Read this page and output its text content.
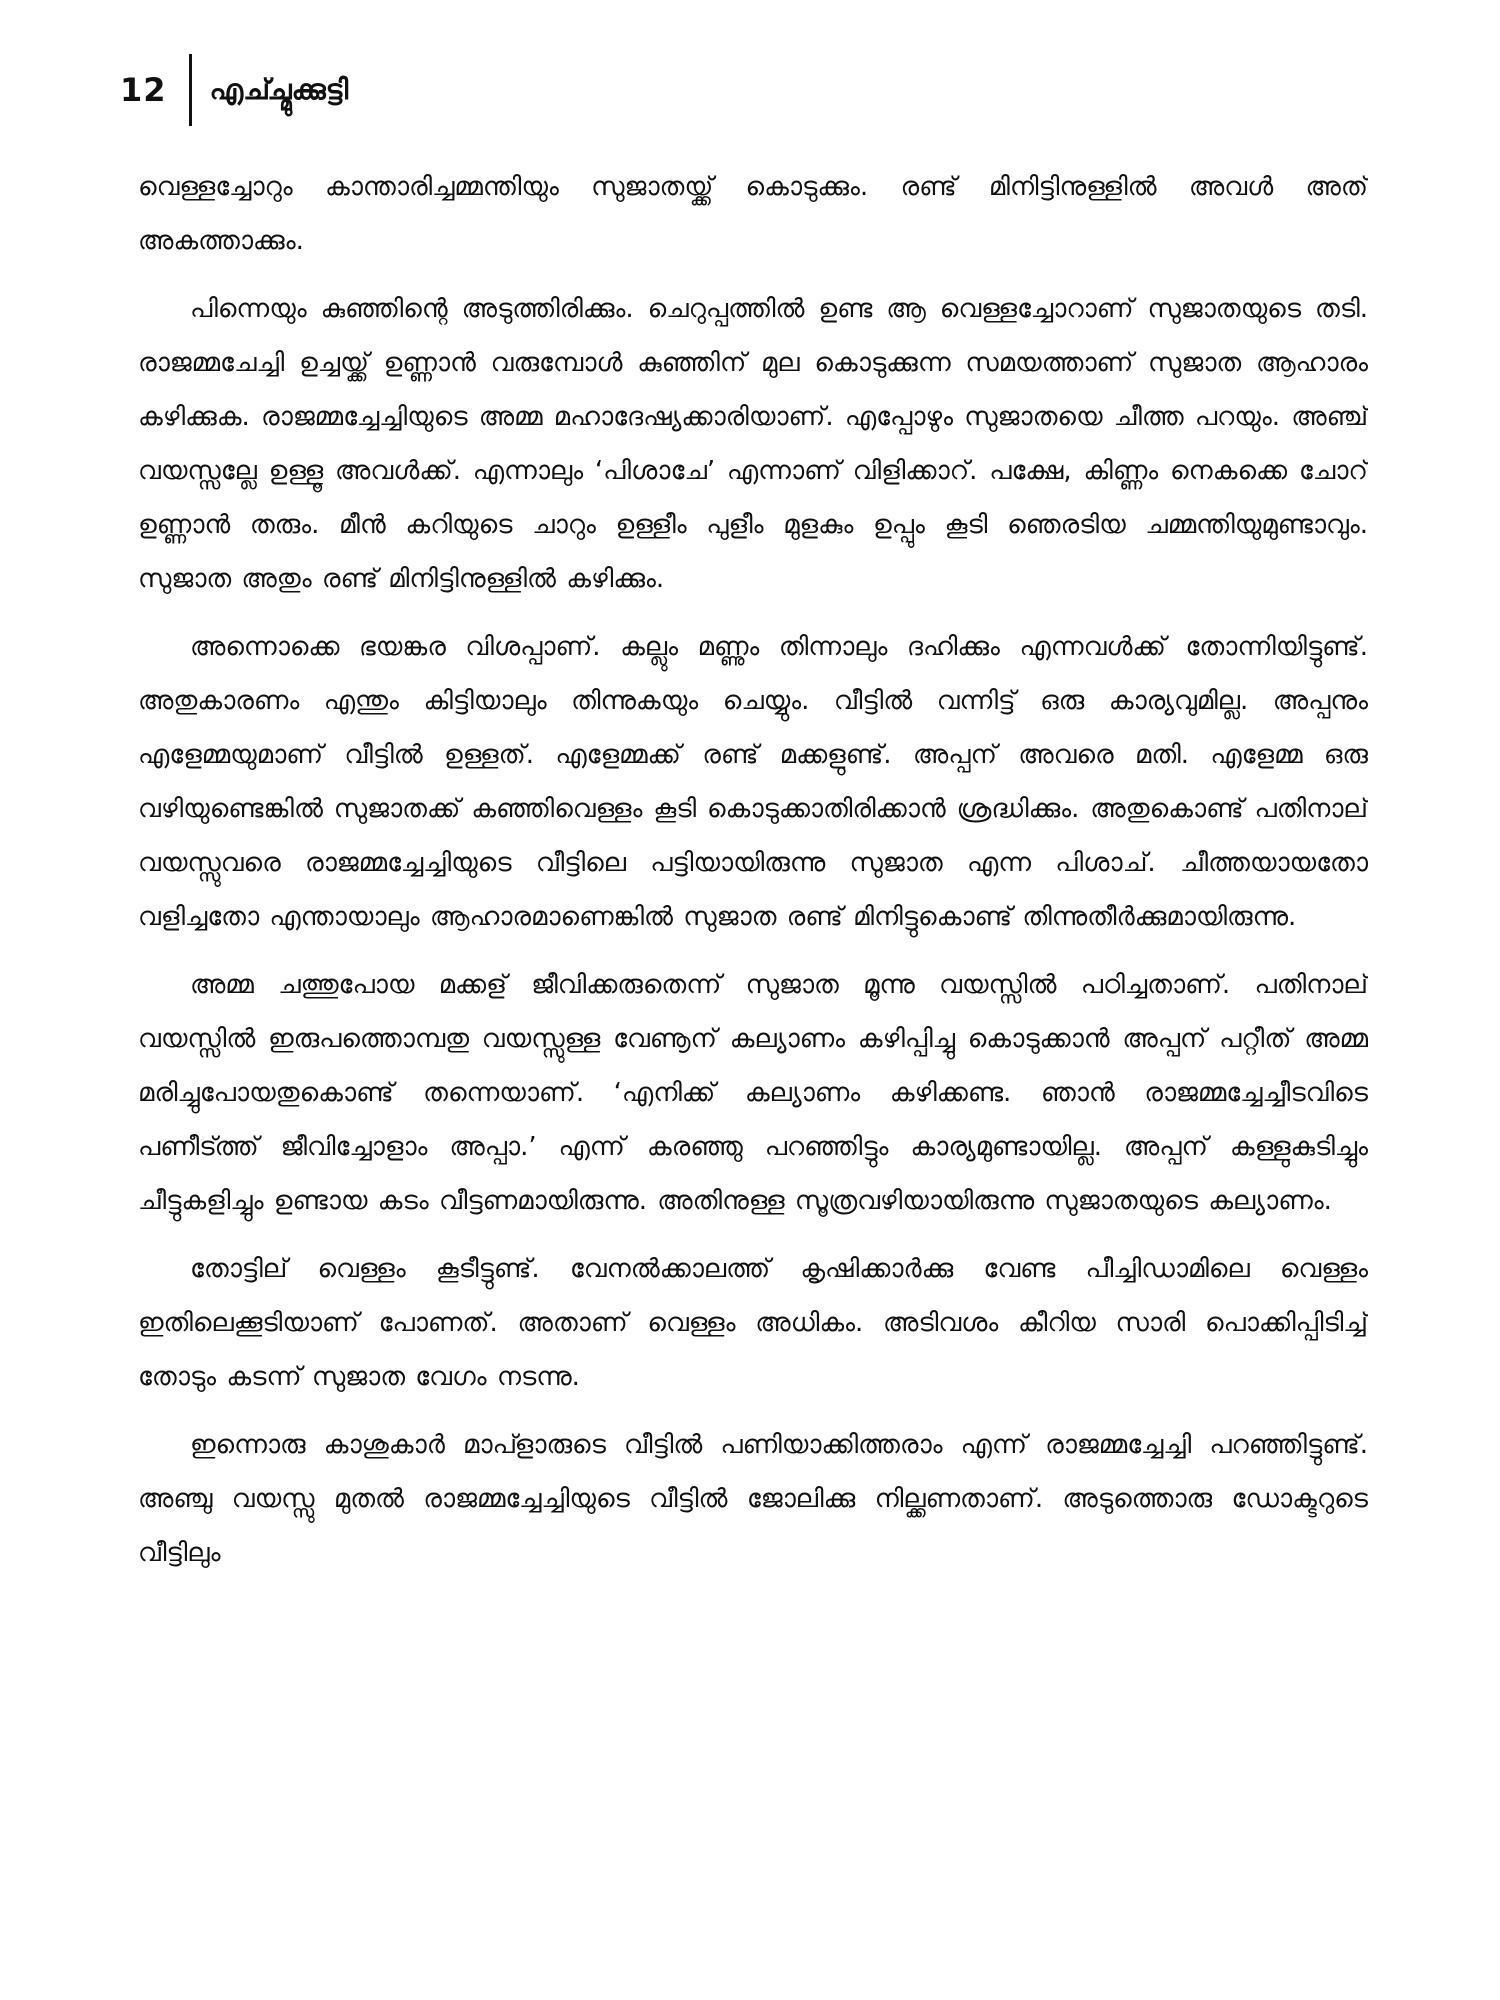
12 എച്ച്മുക്കുട്ടി

വെള്ളച്ചോറും കാന്താരിച്ചമ്മന്തിയും സുജാതയ്ക്ക് കൊടുക്കും. രണ്ട് മിനിട്ടിനുള്ളിൽ അവൾ അത് അകത്താക്കും.

പിന്നെയും കുഞ്ഞിന്റെ അടുത്തിരിക്കും. ചെറുപ്പത്തിൽ ഉണ്ട ആ വെള്ളച്ചോറാണ് സുജാതയുടെ തടി. രാജമ്മചേച്ചി ഉച്ചയ്ക്ക് ഉണ്ണാൻ വരുമ്പോൾ കുഞ്ഞിന് മുല കൊടുക്കുന്ന സമയത്താണ് സുജാത ആഹാരം കഴിക്കുക. രാജമ്മച്ചേച്ചിയുടെ അമ്മ മഹാദേഷ്യക്കാരിയാണ്. എപ്പോഴും സുജാതയെ ചീത്ത പറയും. അഞ്ച് വയസ്സല്ലേ ഉള്ളൂ അവൾക്ക്. എന്നാലും ‘പിശാചേ’ എന്നാണ് വിളിക്കാറ്. പക്ഷേ, കിണ്ണം നെകക്കെ ചോറ് ഉണ്ണാൻ തരും. മീൻ കറിയുടെ ചാറും ഉള്ളീം പുളീം മുളകും ഉപ്പും കൂടി ഞെരടിയ ചമ്മന്തിയുമുണ്ടാവും. സുജാത അതും രണ്ട് മിനിട്ടിനുള്ളിൽ കഴിക്കും.

അന്നൊക്കെ ഭയങ്കര വിശപ്പാണ്. കല്ലും മണ്ണും തിന്നാലും ദഹിക്കും എന്നവൾക്ക് തോന്നിയിട്ടുണ്ട്. അതുകാരണം എന്തും കിട്ടിയാലും തിന്നുകയും ചെയ്യും. വീട്ടിൽ വന്നിട്ട് ഒരു കാര്യവുമില്ല. അപ്പനും എളേമ്മയുമാണ് വീട്ടിൽ ഉള്ളത്. എളേമ്മക്ക് രണ്ട് മക്കളുണ്ട്. അപ്പന് അവരെ മതി. എളേമ്മ ഒരു വഴിയുണ്ടെങ്കിൽ സുജാതക്ക് കഞ്ഞിവെള്ളം കൂടി കൊടുക്കാതിരിക്കാൻ ശ്രദ്ധിക്കും. അതുകൊണ്ട് പതിനാല് വയസ്സുവരെ രാജമ്മച്ചേച്ചിയുടെ വീട്ടിലെ പട്ടിയായിരുന്നു സുജാത എന്ന പിശാച്. ചീത്തയായതോ വളിച്ചതോ എന്തായാലും ആഹാരമാണെങ്കിൽ സുജാത രണ്ട് മിനിട്ടുകൊണ്ട് തിന്നുതീർക്കുമായിരുന്നു.

അമ്മ ചത്തുപോയ മക്കള് ജീവിക്കരുതെന്ന് സുജാത മൂന്നു വയസ്സിൽ പഠിച്ചതാണ്. പതിനാല് വയസ്സിൽ ഇരുപത്തൊമ്പതു വയസ്സുള്ള വേണൂന് കല്യാണം കഴിപ്പിച്ചു കൊടുക്കാൻ അപ്പന് പറ്റീത് അമ്മ മരിച്ചുപോയതുകൊണ്ട് തന്നെയാണ്. ‘എനിക്ക് കല്യാണം കഴിക്കണ്ട. ഞാൻ രാജമ്മച്ചേച്ചീടവിടെ പണീട്ത്ത് ജീവിച്ചോളാം അപ്പാ.’ എന്ന് കരഞ്ഞു പറഞ്ഞിട്ടും കാര്യമുണ്ടായില്ല. അപ്പന് കള്ളുകുടിച്ചും ചീട്ടുകളിച്ചും ഉണ്ടായ കടം വീട്ടണമായിരുന്നു. അതിനുള്ള സൂത്രവഴിയായിരുന്നു സുജാതയുടെ കല്യാണം.

തോട്ടില് വെള്ളം കൂടീട്ടുണ്ട്. വേനൽക്കാലത്ത് കൃഷിക്കാർക്കു വേണ്ട പീച്ചിഡാമിലെ വെള്ളം ഇതിലെക്കൂടിയാണ് പോണത്. അതാണ് വെള്ളം അധികം. അടിവശം കീറിയ സാരി പൊക്കിപ്പിടിച്ച് തോടും കടന്ന് സുജാത വേഗം നടന്നു.

ഇന്നൊരു കാശുകാർ മാപ്ളാരുടെ വീട്ടിൽ പണിയാക്കിത്തരാം എന്ന് രാജമ്മച്ചേച്ചി പറഞ്ഞിട്ടുണ്ട്. അഞ്ചു വയസ്സു മുതൽ രാജമ്മച്ചേച്ചിയുടെ വീട്ടിൽ ജോലിക്കു നില്ക്കണതാണ്. അടുത്തൊരു ഡോക്ടറുടെ വീട്ടിലും
